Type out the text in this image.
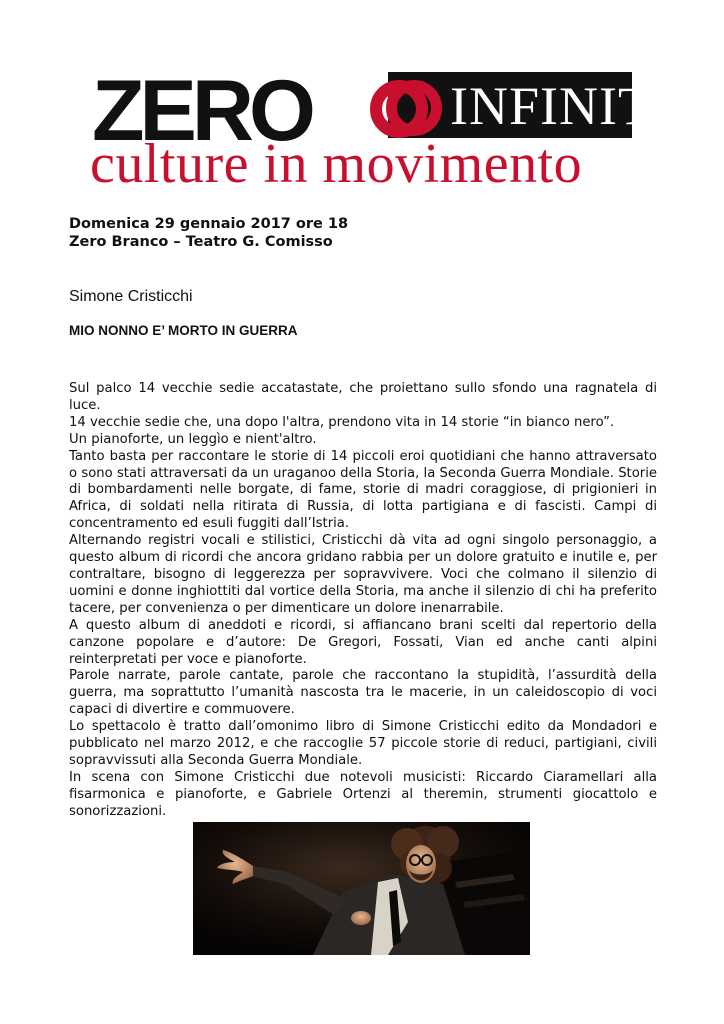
ZERO	INFINITO
culture in movimento
Domenica 29 gennaio 2017 ore 18
Zero Branco – Teatro G. Comisso
Simone Cristicchi
MIO NONNO E’ MORTO IN GUERRA

Sul palco 14 vecchie sedie accatastate, che proiettano sullo sfondo una ragnatela di luce.

14 vecchie sedie che, una dopo l'altra, prendono vita in 14 storie “in bianco nero”.

Un pianoforte, un leggìo e nient'altro.

Tanto basta per raccontare le storie di 14 piccoli eroi quotidiani che hanno attraversato o sono stati attraversati da un uraganoo della Storia, la Seconda Guerra Mondiale. Storie di bombardamenti nelle borgate, di fame, storie di madri coraggiose, di prigionieri in Africa, di soldati nella ritirata di Russia, di lotta partigiana e di fascisti. Campi di concentramento ed esuli fuggiti dall’Istria.

Alternando registri vocali e stilistici, Cristicchi dà vita ad ogni singolo personaggio, a questo album di ricordi che ancora gridano rabbia per un dolore gratuito e inutile e, per contraltare, bisogno di leggerezza per sopravvivere. Voci che colmano il silenzio di uomini e donne inghiottiti dal vortice della Storia, ma anche il silenzio di chi ha preferito tacere, per convenienza o per dimenticare un dolore inenarrabile.

A questo album di aneddoti e ricordi, si affiancano brani scelti dal repertorio della canzone popolare e d’autore: De Gregori, Fossati, Vian ed anche canti alpini reinterpretati per voce e pianoforte.

Parole narrate, parole cantate, parole che raccontano la stupidità, l’assurdità della guerra, ma soprattutto l’umanità nascosta tra le macerie, in un caleidoscopio di voci capaci di divertire e commuovere.

Lo spettacolo è tratto dall’omonimo libro di Simone Cristicchi edito da Mondadori e pubblicato nel marzo 2012, e che raccoglie 57 piccole storie di reduci, partigiani, civili sopravvissuti alla Seconda Guerra Mondiale.

In scena con Simone Cristicchi due notevoli musicisti: Riccardo Ciaramellari alla fisarmonica e pianoforte, e Gabriele Ortenzi al theremin, strumenti giocattolo e sonorizzazioni.
